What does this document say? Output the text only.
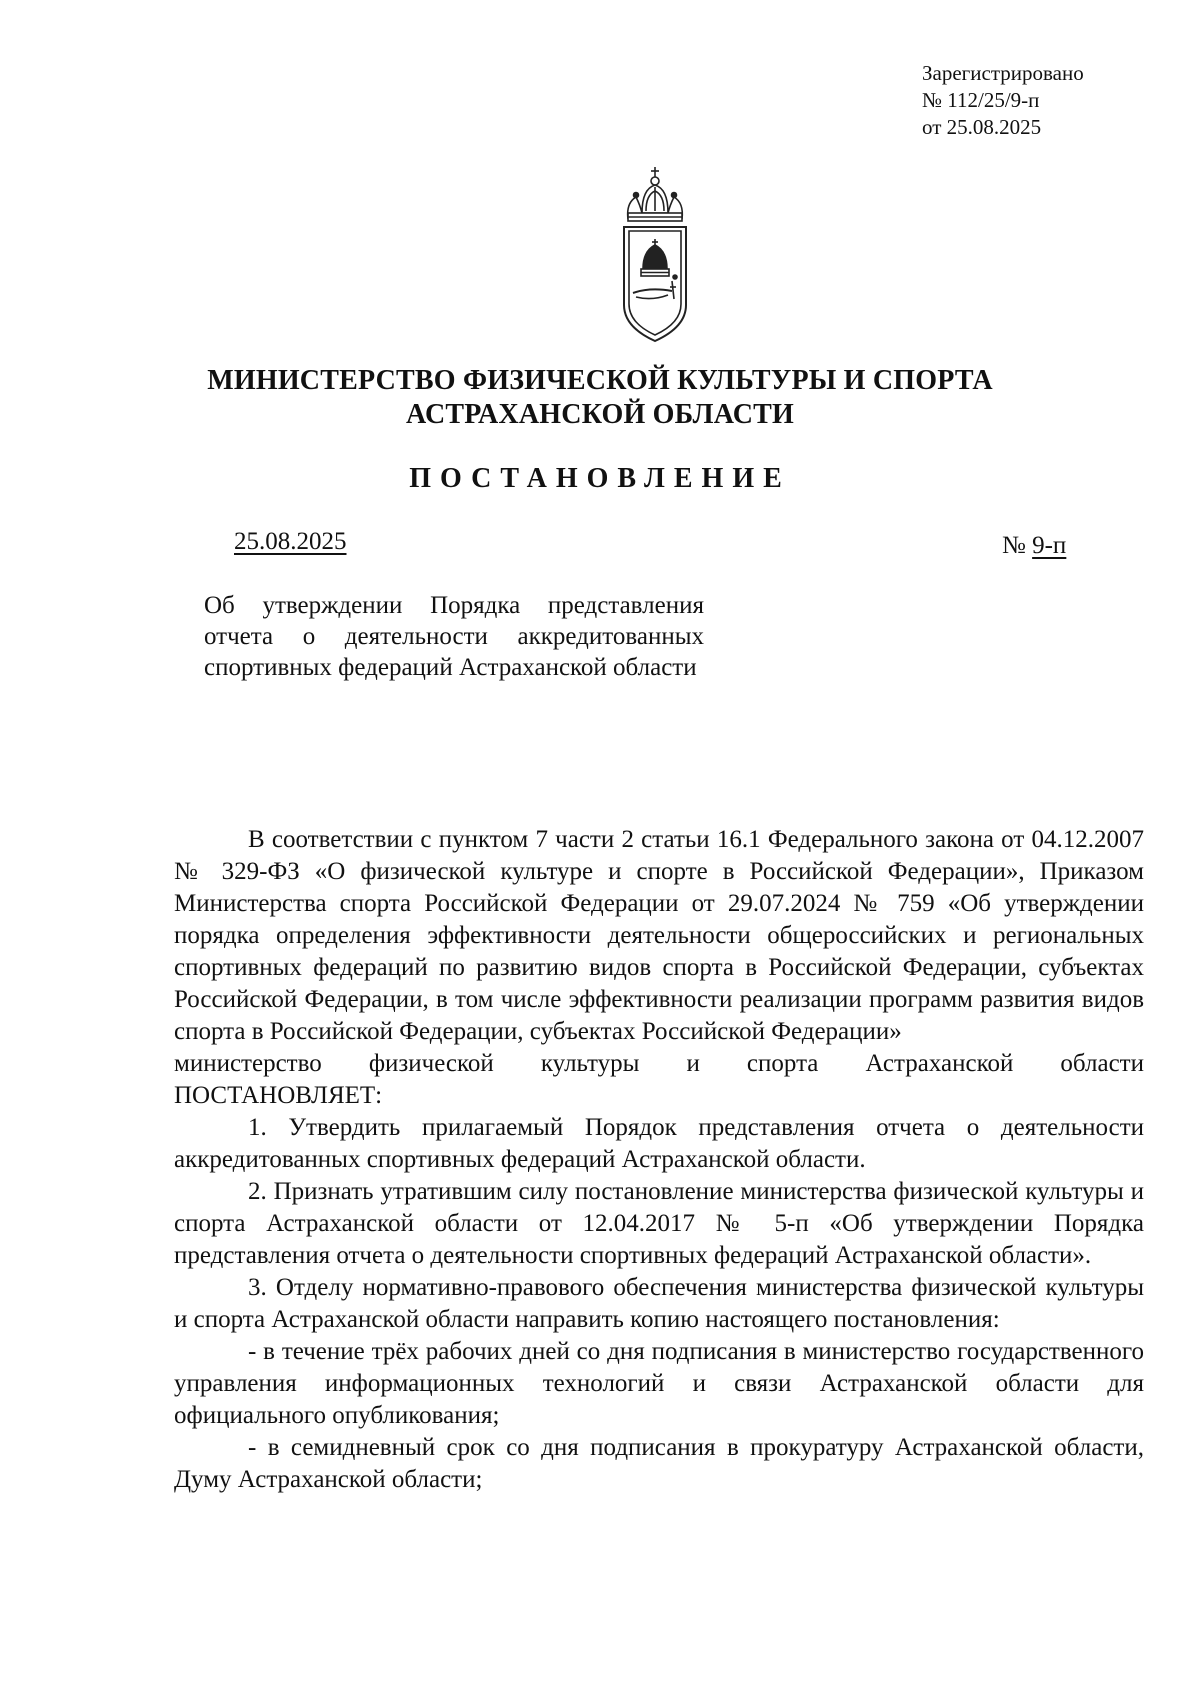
Зарегистрировано
№ 112/25/9-п
от 25.08.2025
МИНИСТЕРСТВО ФИЗИЧЕСКОЙ КУЛЬТУРЫ И СПОРТА
АСТРАХАНСКОЙ ОБЛАСТИ
ПОСТАНОВЛЕНИЕ
25.08.2025	№ 9-п
Об утверждении Порядка представления отчета о деятельности аккредитованных спортивных федераций Астраханской области

В соответствии с пунктом 7 части 2 статьи 16.1 Федерального закона от 04.12.2007 № 329-ФЗ «О физической культуре и спорте в Российской Федерации», Приказом Министерства спорта Российской Федерации от 29.07.2024 № 759 «Об утверждении порядка определения эффективности деятельности общероссийских и региональных спортивных федераций по развитию видов спорта в Российской Федерации, субъектах Российской Федерации, в том числе эффективности реализации программ развития видов спорта в Российской Федерации, субъектах Российской Федерации»

министерство физической культуры и спорта Астраханской области

ПОСТАНОВЛЯЕТ:

1. Утвердить прилагаемый Порядок представления отчета о деятельности аккредитованных спортивных федераций Астраханской области.

2. Признать утратившим силу постановление министерства физической культуры и спорта Астраханской области от 12.04.2017 № 5-п «Об утверждении Порядка представления отчета о деятельности спортивных федераций Астраханской области».

3. Отделу нормативно-правового обеспечения министерства физической культуры и спорта Астраханской области направить копию настоящего постановления:

- в течение трёх рабочих дней со дня подписания в министерство государственного управления информационных технологий и связи Астраханской области для официального опубликования;

- в семидневный срок со дня подписания в прокуратуру Астраханской области, Думу Астраханской области;
